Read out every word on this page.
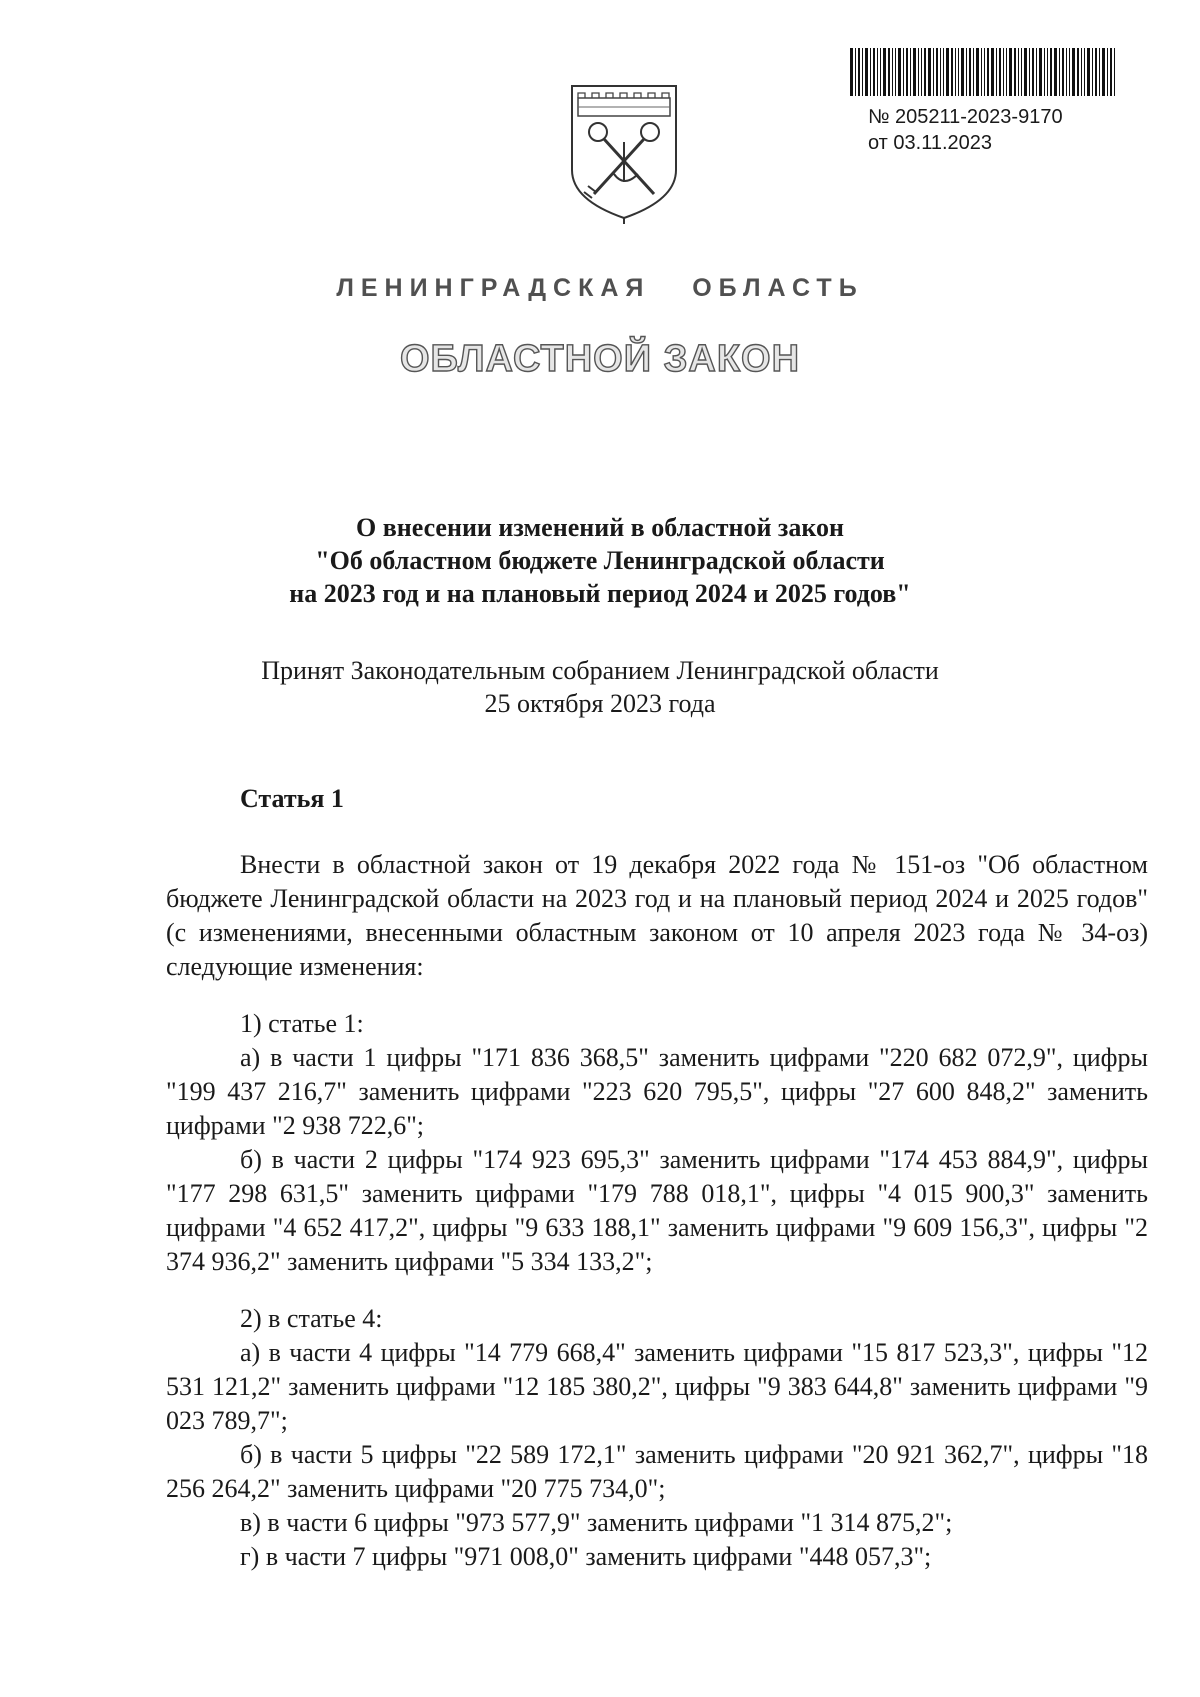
№ 205211-2023-9170
от 03.11.2023
ЛЕНИНГРАДСКАЯ   ОБЛАСТЬ
ОБЛАСТНОЙ ЗАКОН
О внесении изменений в областной закон
"Об областном бюджете Ленинградской области
на 2023 год и на плановый период 2024 и 2025 годов"
Принят Законодательным собранием Ленинградской области
25 октября 2023 года
Статья 1

Внести в областной закон от 19 декабря 2022 года № 151-оз "Об областном бюджете Ленинградской области на 2023 год и на плановый период 2024 и 2025 годов" (с изменениями, внесенными областным законом от 10 апреля 2023 года № 34-оз) следующие изменения:

1) статье 1:

а) в части 1 цифры "171 836 368,5" заменить цифрами "220 682 072,9", цифры "199 437 216,7" заменить цифрами "223 620 795,5", цифры "27 600 848,2" заменить цифрами "2 938 722,6";

б) в части 2 цифры "174 923 695,3" заменить цифрами "174 453 884,9", цифры "177 298 631,5" заменить цифрами "179 788 018,1", цифры "4 015 900,3" заменить цифрами "4 652 417,2", цифры "9 633 188,1" заменить цифрами "9 609 156,3", цифры "2 374 936,2" заменить цифрами "5 334 133,2";

2) в статье 4:

а) в части 4 цифры "14 779 668,4" заменить цифрами "15 817 523,3", цифры "12 531 121,2" заменить цифрами "12 185 380,2", цифры "9 383 644,8" заменить цифрами "9 023 789,7";

б) в части 5 цифры "22 589 172,1" заменить цифрами "20 921 362,7", цифры "18 256 264,2" заменить цифрами "20 775 734,0";

в) в части 6 цифры "973 577,9" заменить цифрами "1 314 875,2";

г) в части 7 цифры "971 008,0" заменить цифрами "448 057,3";
